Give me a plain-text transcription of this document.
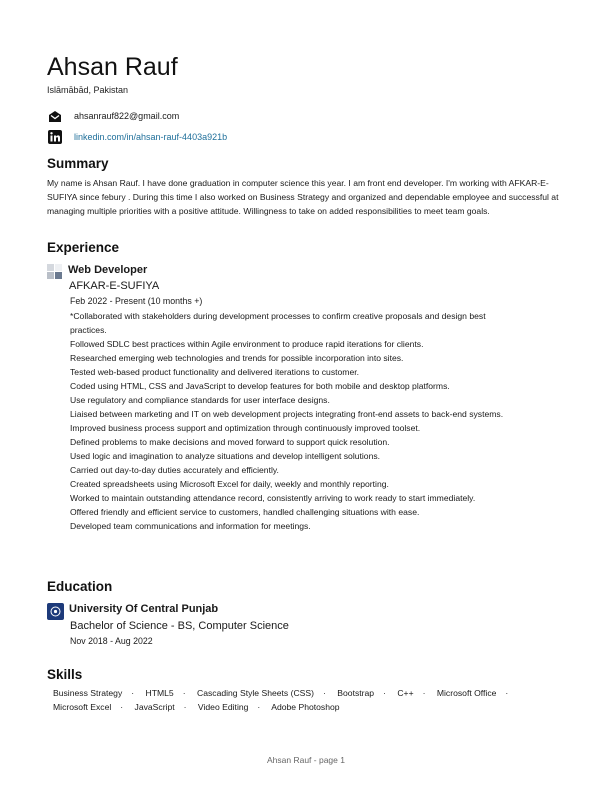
Ahsan Rauf
Islāmābād, Pakistan
ahsanrauf822@gmail.com
linkedin.com/in/ahsan-rauf-4403a921b
Summary
My name is Ahsan Rauf. I have done graduation in computer science this year. I am front end developer. I'm working with AFKAR-E-SUFIYA since febury . During this time I also worked on Business Strategy and organized and dependable employee and successful at managing multiple priorities with a positive attitude. Willingness to take on added responsibilities to meet team goals.
Experience
Web Developer
AFKAR-E-SUFIYA
Feb 2022 - Present (10 months +)
*Collaborated with stakeholders during development processes to confirm creative proposals and design best practices.
Followed SDLC best practices within Agile environment to produce rapid iterations for clients.
Researched emerging web technologies and trends for possible incorporation into sites.
Tested web-based product functionality and delivered iterations to customer.
Coded using HTML, CSS and JavaScript to develop features for both mobile and desktop platforms.
Use regulatory and compliance standards for user interface designs.
Liaised between marketing and IT on web development projects integrating front-end assets to back-end systems.
Improved business process support and optimization through continuously improved toolset.
Defined problems to make decisions and moved forward to support quick resolution.
Used logic and imagination to analyze situations and develop intelligent solutions.
Carried out day-to-day duties accurately and efficiently.
Created spreadsheets using Microsoft Excel for daily, weekly and monthly reporting.
Worked to maintain outstanding attendance record, consistently arriving to work ready to start immediately.
Offered friendly and efficient service to customers, handled challenging situations with ease.
Developed team communications and information for meetings.
Education
University Of Central Punjab
Bachelor of Science - BS, Computer Science
Nov 2018 - Aug 2022
Skills
Business Strategy · HTML5 · Cascading Style Sheets (CSS) · Bootstrap · C++ · Microsoft Office · Microsoft Excel · JavaScript · Video Editing · Adobe Photoshop
Ahsan Rauf - page 1
